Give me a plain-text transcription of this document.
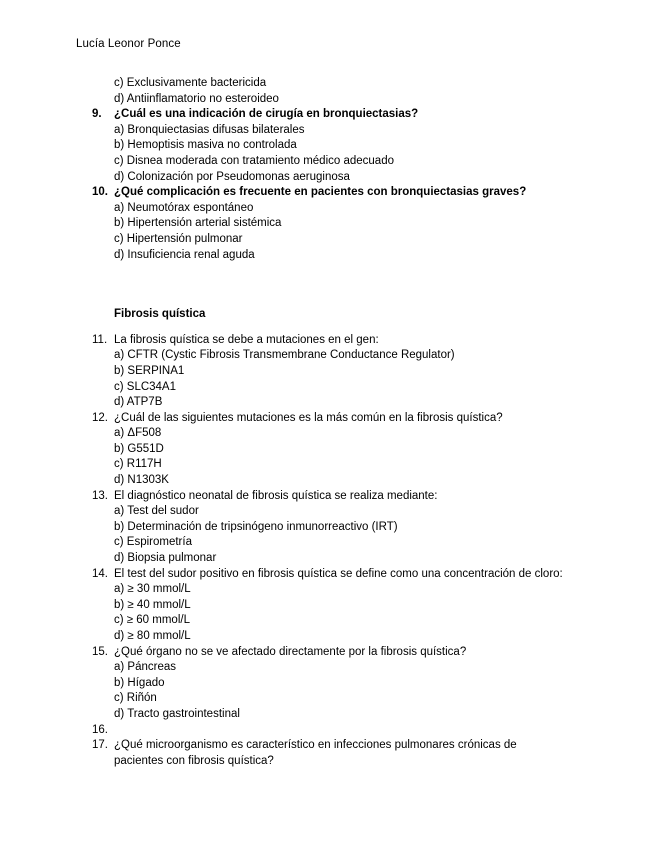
Lucía Leonor Ponce
c) Exclusivamente bactericida
d) Antiinflamatorio no esteroideo
9.	¿Cuál es una indicación de cirugía en bronquiectasias?
a) Bronquiectasias difusas bilaterales
b) Hemoptisis masiva no controlada
c) Disnea moderada con tratamiento médico adecuado
d) Colonización por Pseudomonas aeruginosa
10. ¿Qué complicación es frecuente en pacientes con bronquiectasias graves?
a) Neumotórax espontáneo
b) Hipertensión arterial sistémica
c) Hipertensión pulmonar
d) Insuficiencia renal aguda
Fibrosis quística
11. La fibrosis quística se debe a mutaciones en el gen:
a) CFTR (Cystic Fibrosis Transmembrane Conductance Regulator)
b) SERPINA1
c) SLC34A1
d) ATP7B
12. ¿Cuál de las siguientes mutaciones es la más común en la fibrosis quística?
a) ΔF508
b) G551D
c) R117H
d) N1303K
13. El diagnóstico neonatal de fibrosis quística se realiza mediante:
a) Test del sudor
b) Determinación de tripsinógeno inmunorreactivo (IRT)
c) Espirometría
d) Biopsia pulmonar
14. El test del sudor positivo en fibrosis quística se define como una concentración de cloro:
a) ≥ 30 mmol/L
b) ≥ 40 mmol/L
c) ≥ 60 mmol/L
d) ≥ 80 mmol/L
15. ¿Qué órgano no se ve afectado directamente por la fibrosis quística?
a) Páncreas
b) Hígado
c) Riñón
d) Tracto gastrointestinal
16.
17. ¿Qué microorganismo es característico en infecciones pulmonares crónicas de pacientes con fibrosis quística?
